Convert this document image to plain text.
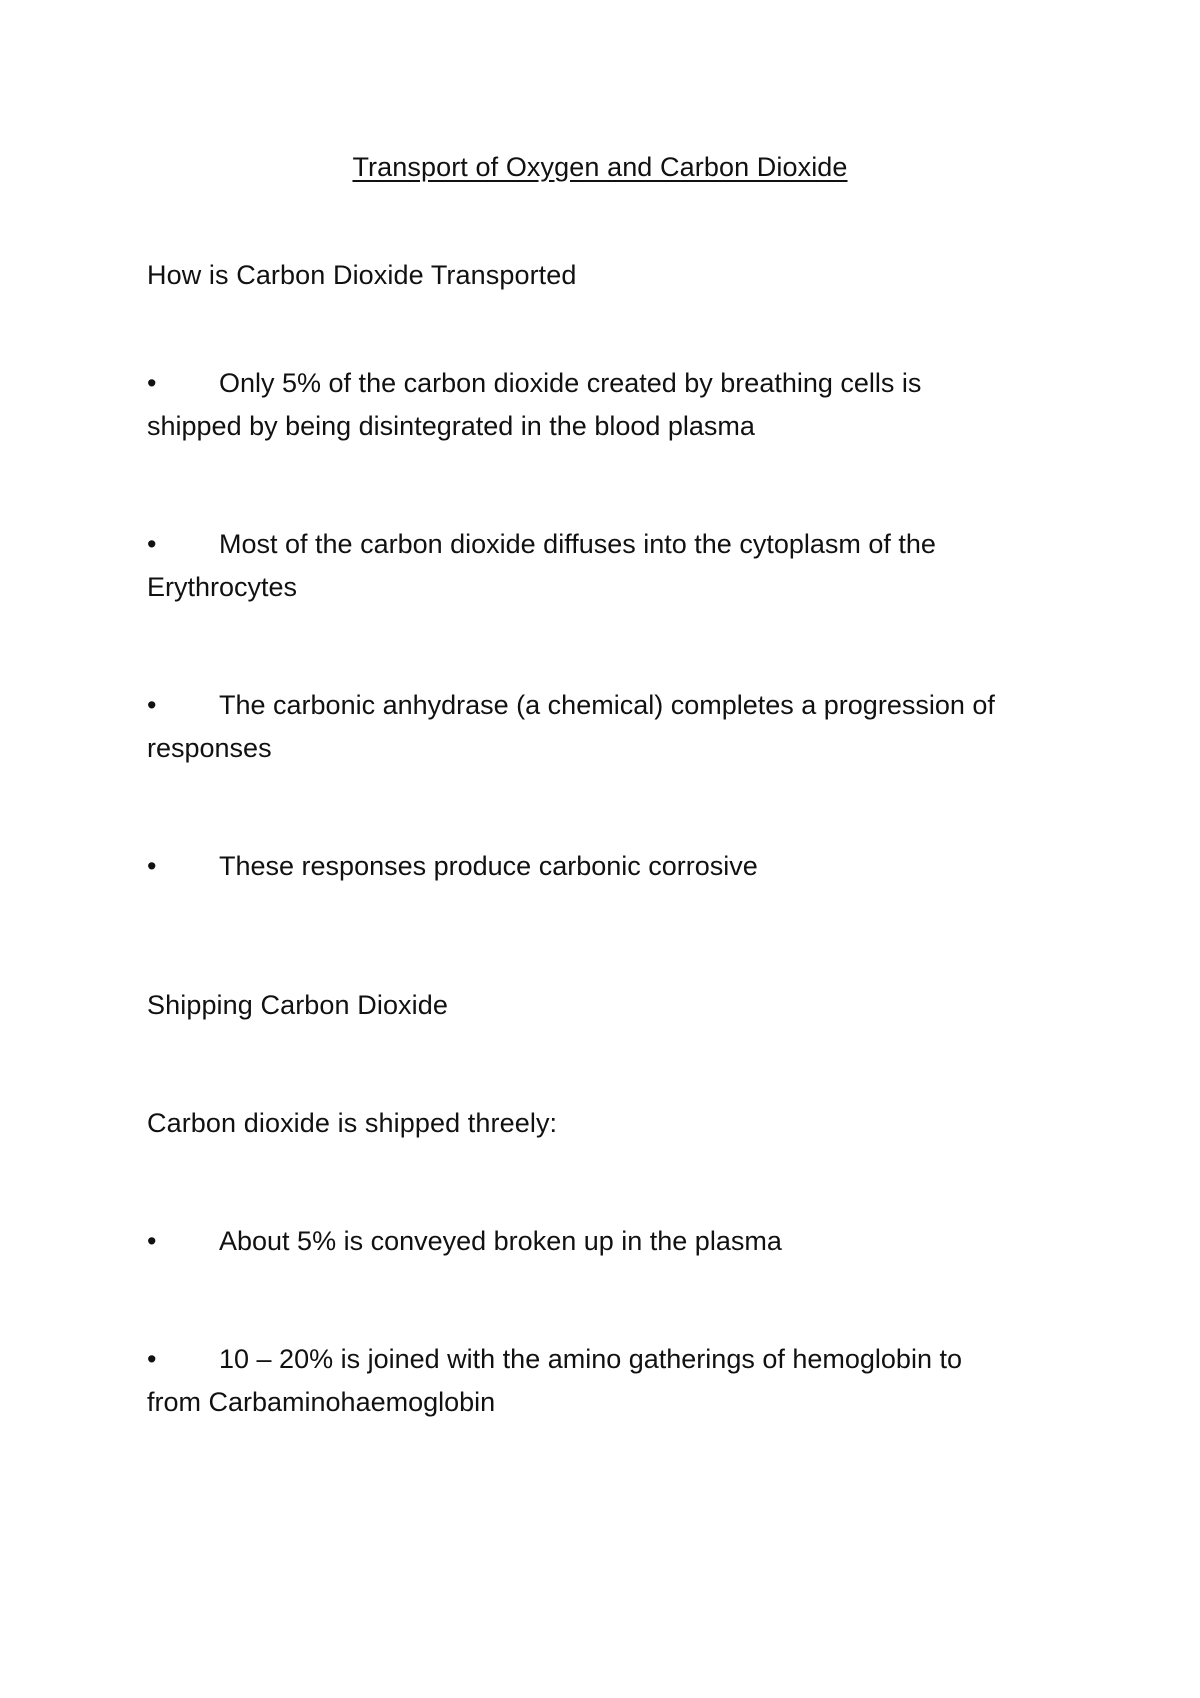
Transport of Oxygen and Carbon Dioxide
How is Carbon Dioxide Transported
•	Only 5% of the carbon dioxide created by breathing cells is
shipped by being disintegrated in the blood plasma
•	Most of the carbon dioxide diffuses into the cytoplasm of the
Erythrocytes
•	The carbonic anhydrase (a chemical) completes a progression of
responses
•	These responses produce carbonic corrosive
Shipping Carbon Dioxide
Carbon dioxide is shipped threely:
•	About 5% is conveyed broken up in the plasma
•	10 – 20% is joined with the amino gatherings of hemoglobin to
from Carbaminohaemoglobin
